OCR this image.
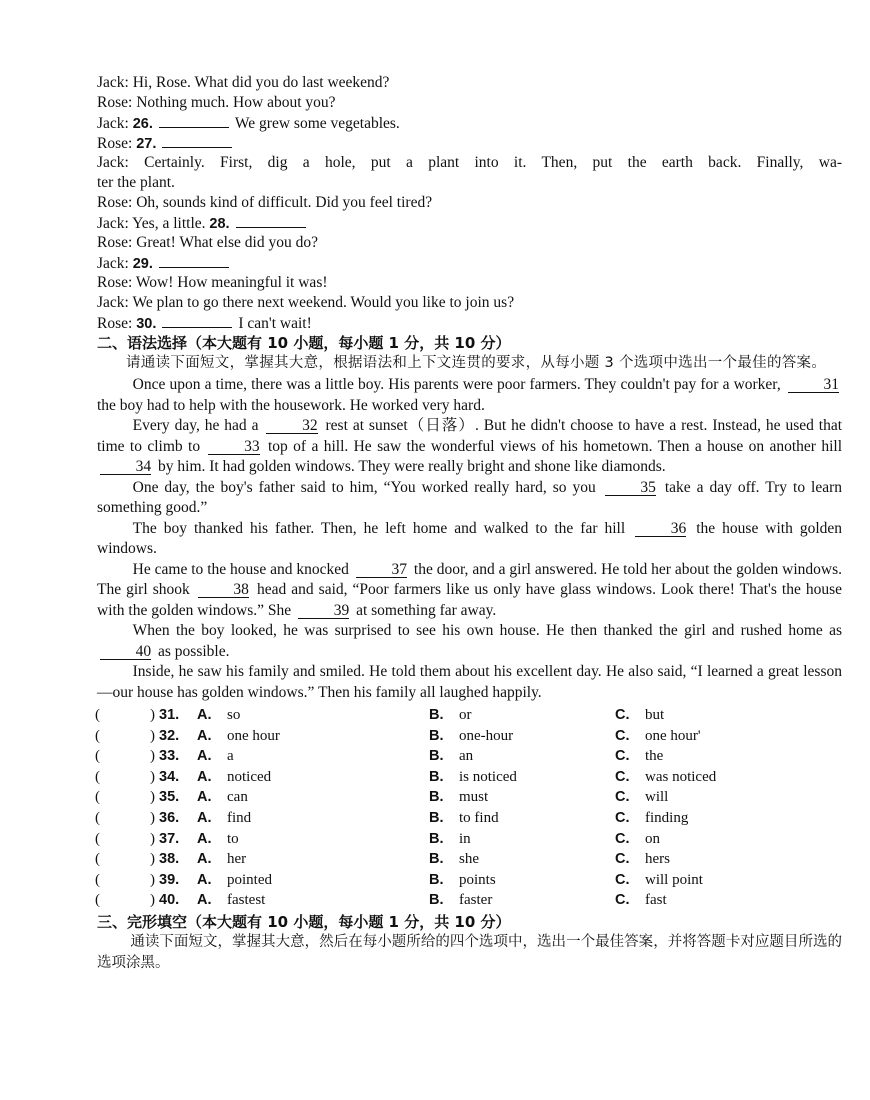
Jack: Hi, Rose. What did you do last weekend?
Rose: Nothing much. How about you?
Jack: 26.	We grew some vegetables.
Rose: 27.
Jack: Certainly. First, dig a hole, put a plant into it. Then, put the earth back. Finally, wa-
ter the plant.
Rose: Oh, sounds kind of difficult. Did you feel tired?
Jack: Yes, a little. 28.
Rose: Great! What else did you do?
Jack: 29.
Rose: Wow! How meaningful it was!
Jack: We plan to go there next weekend. Would you like to join us?
Rose: 30.	I can't wait!
二、语法选择（本大题有 10 小题，每小题 1 分，共 10 分）
请通读下面短文，掌握其大意，根据语法和上下文连贯的要求，从每小题 3 个选项中选出一个最佳的答案。

Once upon a time, there was a little boy. His parents were poor farmers. They couldn't pay for a worker,	31 the boy had to help with the housework. He worked very hard.

Every day, he had a	32 rest at sunset（日落）. But he didn't choose to have a rest. Instead, he used that time to climb to	33 top of a hill. He saw the wonderful views of his hometown. Then a house on another hill 34 by him. It had golden windows. They were really bright and shone like diamonds.

One day, the boy's father said to him, “You worked really hard, so you	35 take a day off. Try to learn something good.”

The boy thanked his father. Then, he left home and walked to the far hill	36 the house with golden windows.

He came to the house and knocked	37 the door, and a girl answered. He told her about the golden windows. The girl shook	38 head and said, “Poor farmers like us only have glass windows. Look there! That's the house with the golden windows.” She	39 at something far away.

When the boy looked, he was surprised to see his own house. He then thanked the girl and rushed home as 40 as possible.

Inside, he saw his family and smiled. He told them about his excellent day. He also said, “I learned a great lesson—our house has golden windows.” Then his family all laughed happily.

(	) 31.	A.	so	B.	or	C.	but
(	) 32.	A.	one hour	B.	one-hour	C.	one hour'
(	) 33.	A.	a	B.	an	C.	the
(	) 34.	A.	noticed	B.	is noticed	C.	was noticed
(	) 35.	A.	can	B.	must	C.	will
(	) 36.	A.	find	B.	to find	C.	finding
(	) 37.	A.	to	B.	in	C.	on
(	) 38.	A.	her	B.	she	C.	hers
(	) 39.	A.	pointed	B.	points	C.	will point
(	) 40.	A.	fastest	B.	faster	C.	fast
三、完形填空（本大题有 10 小题，每小题 1 分，共 10 分）
通读下面短文，掌握其大意，然后在每小题所给的四个选项中，选出一个最佳答案，并将答题卡对应题目所选的选项涂黑。
